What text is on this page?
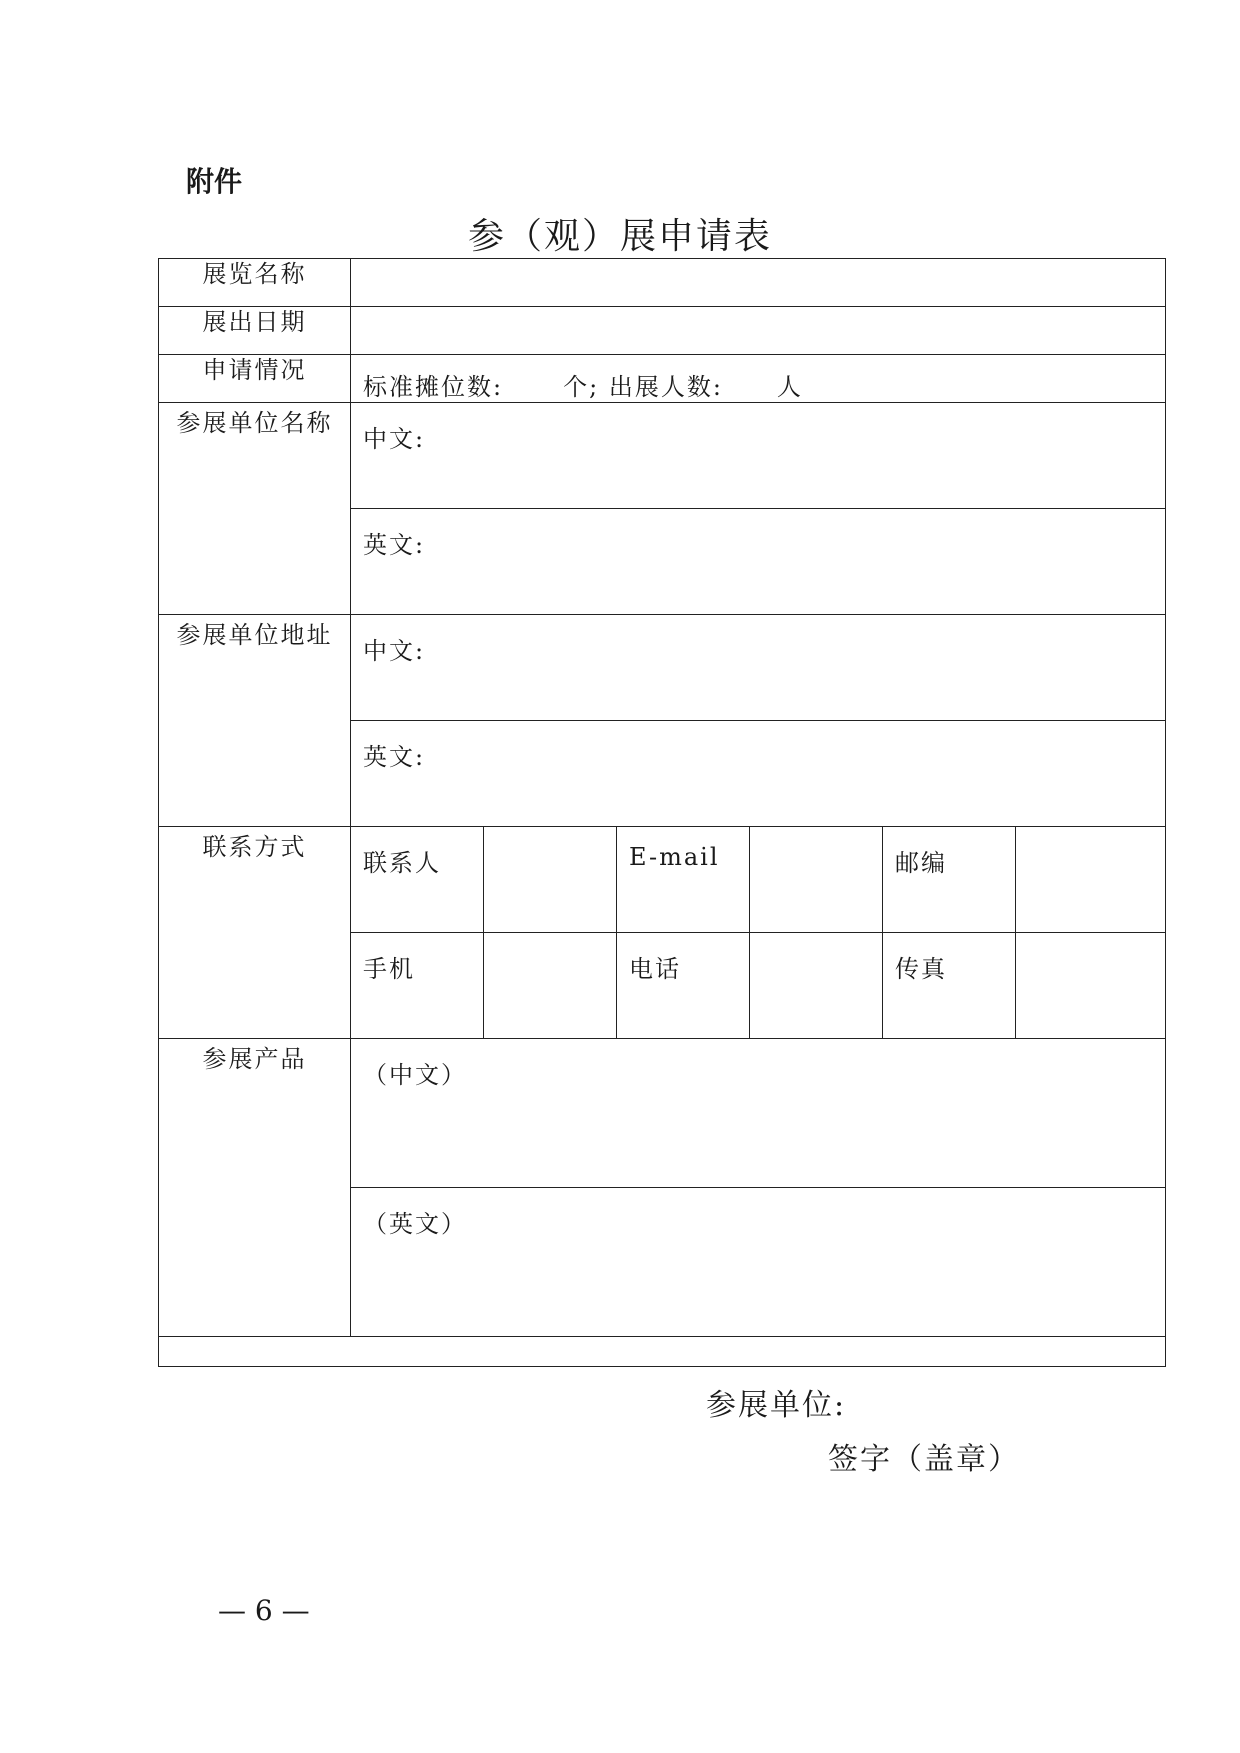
附件
参（观）展申请表
展览名称						

展出日期						

申请情况	标准摊位数: 个; 出展人数: 人					

参展单位名称	中文:					

	英文:					

参展单位地址	中文:					

	英文:					

联系方式	联系人		E-mail		邮编	

	手机		电话		传真	

参展产品	（中文）					

	（英文）					

参展单位:
签字（盖章）
— 6 —
